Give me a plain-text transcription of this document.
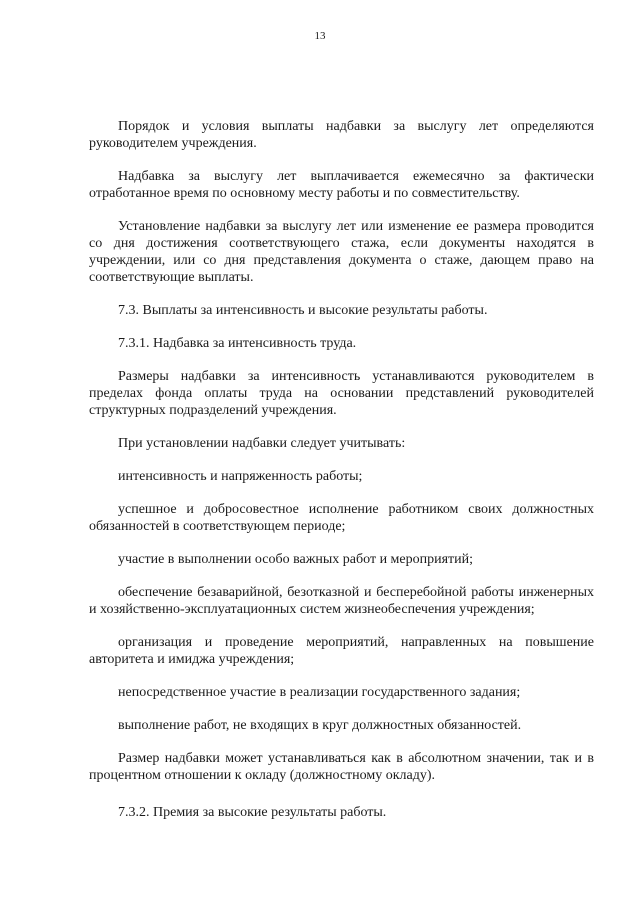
13

Порядок и условия выплаты надбавки за выслугу лет определяются руководителем учреждения.

Надбавка за выслугу лет выплачивается ежемесячно за фактически отработанное время по основному месту работы и по совместительству.

Установление надбавки за выслугу лет или изменение ее размера проводится со дня достижения соответствующего стажа, если документы находятся в учреждении, или со дня представления документа о стаже, дающем право на соответствующие выплаты.

7.3. Выплаты за интенсивность и высокие результаты работы.

7.3.1. Надбавка за интенсивность труда.

Размеры надбавки за интенсивность устанавливаются руководителем в пределах фонда оплаты труда на основании представлений руководителей структурных подразделений учреждения.

При установлении надбавки следует учитывать:

интенсивность и напряженность работы;

успешное и добросовестное исполнение работником своих должностных обязанностей в соответствующем периоде;

участие в выполнении особо важных работ и мероприятий;

обеспечение безаварийной, безотказной и бесперебойной работы инженерных и хозяйственно-эксплуатационных систем жизнеобеспечения учреждения;

организация и проведение мероприятий, направленных на повышение авторитета и имиджа учреждения;

непосредственное участие в реализации государственного задания;

выполнение работ, не входящих в круг должностных обязанностей.

Размер надбавки может устанавливаться как в абсолютном значении, так и в процентном отношении к окладу (должностному окладу).

7.3.2. Премия за высокие результаты работы.
